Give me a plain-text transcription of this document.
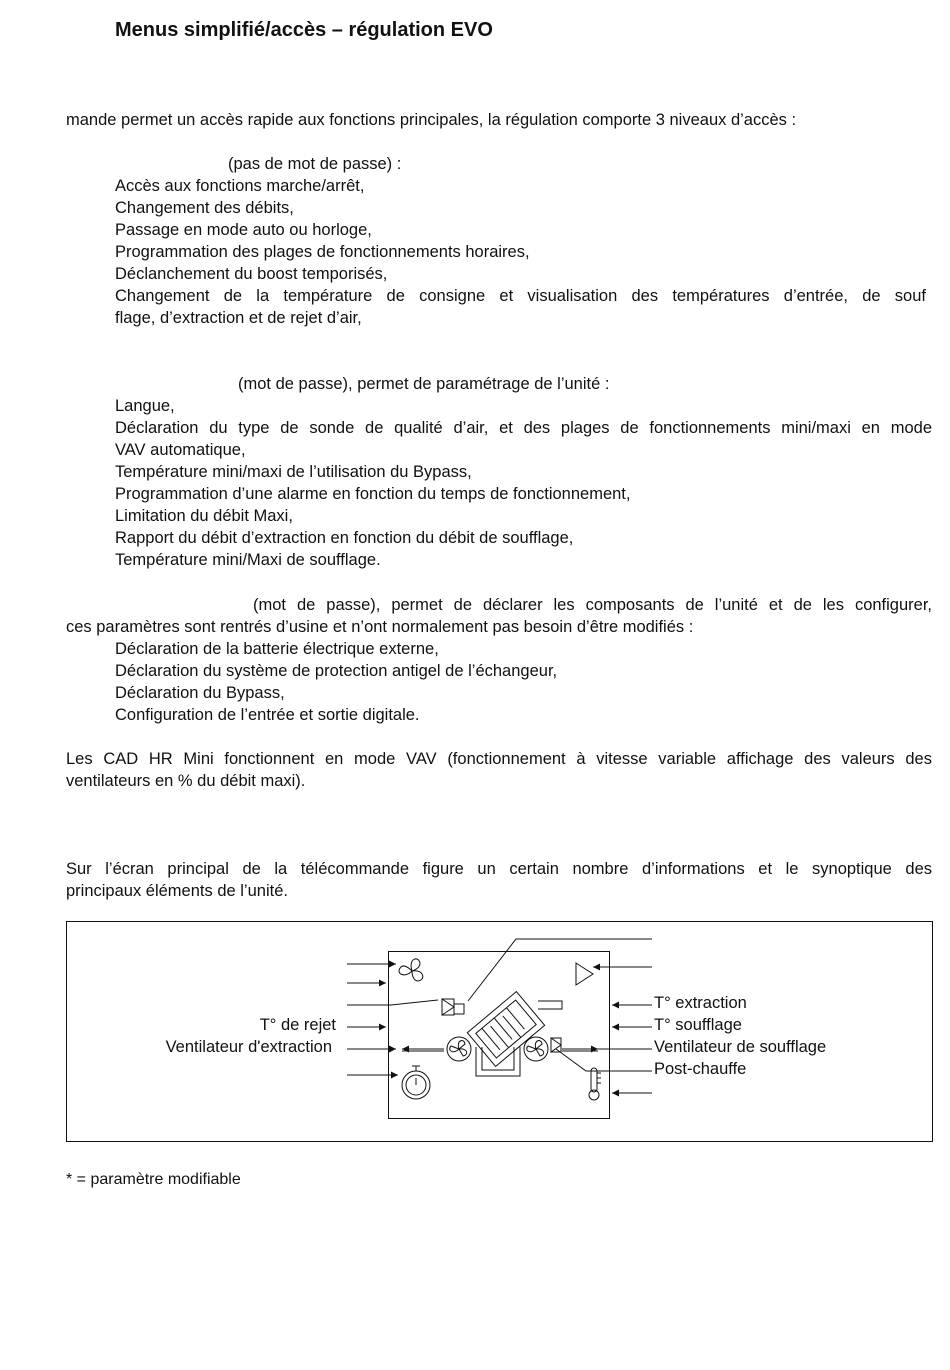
Menus simplifié/accès – régulation EVO
mande permet un accès rapide aux fonctions principales, la régulation comporte 3 niveaux d’accès :
(pas de mot de passe) :
Accès aux fonctions marche/arrêt,
Changement des débits,
Passage en mode auto ou horloge,
Programmation des plages de fonctionnements horaires,
Déclanchement du boost temporisés,
Changement de la température de consigne et visualisation des températures d’entrée, de souf
flage, d’extraction et de rejet d’air,
(mot de passe), permet de paramétrage de l’unité :
Langue,
Déclaration du type de sonde de qualité d’air, et des plages de fonctionnements mini/maxi en mode
VAV automatique,
Température mini/maxi de l’utilisation du Bypass,
Programmation d’une alarme en fonction du temps de fonctionnement,
Limitation du débit Maxi,
Rapport du débit d’extraction en fonction du débit de soufflage,
Température mini/Maxi de soufflage.
(mot de passe), permet de déclarer les composants de l’unité et de les configurer,
ces paramètres sont rentrés d’usine et n’ont normalement pas besoin d’être modifiés :
Déclaration de la batterie électrique externe,
Déclaration du système de protection antigel de l’échangeur,
Déclaration du Bypass,
Configuration de l’entrée et sortie digitale.
Les CAD HR Mini fonctionnent en mode VAV (fonctionnement à vitesse variable affichage des valeurs des
ventilateurs en % du débit maxi).
Sur l’écran principal de la télécommande figure un certain nombre d’informations et le synoptique des
principaux éléments de l’unité.
T° de rejet
Ventilateur d'extraction
T° extraction
T° soufflage
Ventilateur de soufflage
Post-chauffe
* = paramètre modifiable
